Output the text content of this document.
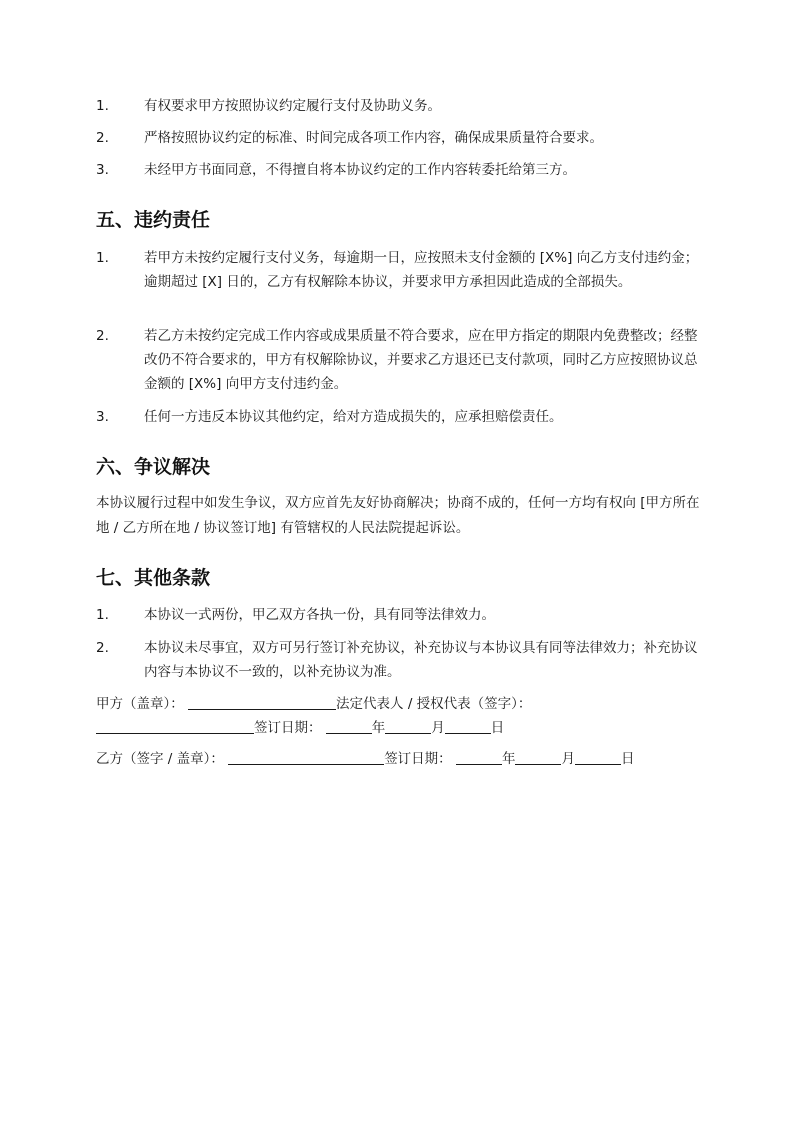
1.	有权要求甲方按照协议约定履行支付及协助义务。
2.	严格按照协议约定的标准、时间完成各项工作内容，确保成果质量符合要求。
3.	未经甲方书面同意，不得擅自将本协议约定的工作内容转委托给第三方。
五、违约责任
1.	若甲方未按约定履行支付义务，每逾期一日，应按照未支付金额的 [X%] 向乙方支付违约金；逾期超过 [X] 日的，乙方有权解除本协议，并要求甲方承担因此造成的全部损失。
2.	若乙方未按约定完成工作内容或成果质量不符合要求，应在甲方指定的期限内免费整改；经整改仍不符合要求的，甲方有权解除协议，并要求乙方退还已支付款项，同时乙方应按照协议总金额的 [X%] 向甲方支付违约金。
3.	任何一方违反本协议其他约定，给对方造成损失的，应承担赔偿责任。
六、争议解决
本协议履行过程中如发生争议，双方应首先友好协商解决；协商不成的，任何一方均有权向 [甲方所在地 / 乙方所在地 / 协议签订地] 有管辖权的人民法院提起诉讼。
七、其他条款
1.	本协议一式两份，甲乙双方各执一份，具有同等法律效力。
2.	本协议未尽事宜，双方可另行签订补充协议，补充协议与本协议具有同等法律效力；补充协议内容与本协议不一致的，以补充协议为准。
甲方（盖章）：	法定代表人 / 授权代表（签字）：
签订日期：	年	月	日
乙方（签字 / 盖章）：	签订日期：	年	月	日
